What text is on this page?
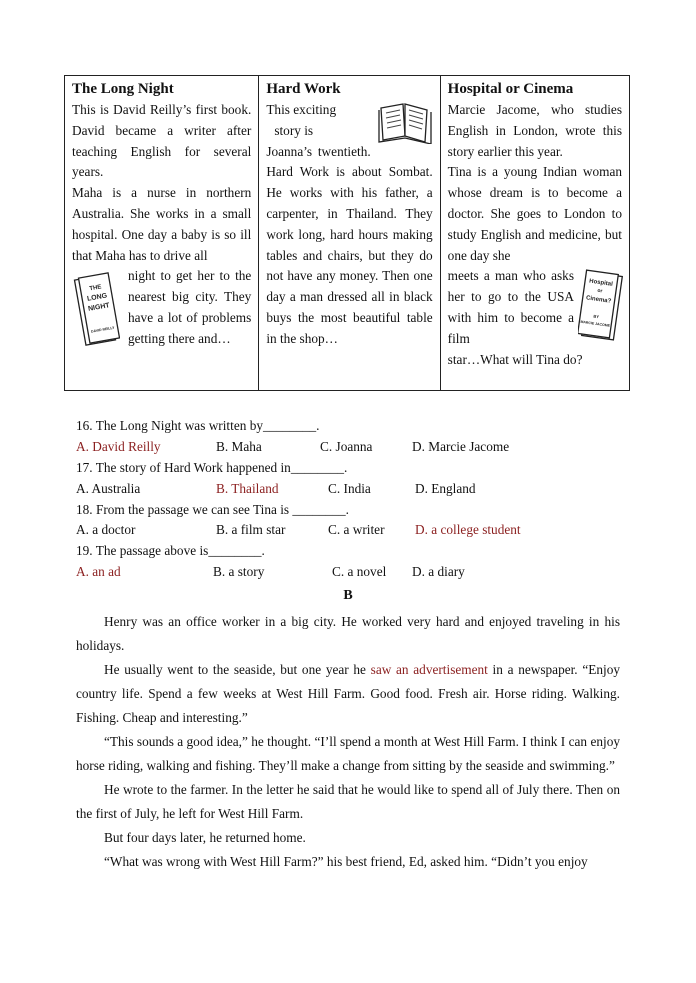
The Long Night

This is David Reilly’s first book. David became a writer after teaching English for several years.

Maha is a nurse in northern Australia. She works in a small hospital. One day a baby is so ill that Maha has to drive all

THE
LONG
NIGHT
DAVID REILLY

night to get her to the nearest big city. They have a lot of problems getting there and…

Hard Work

This exciting

story is

Joanna’s twentieth. Hard Work is about Sombat. He works with his father, a carpenter, in Thailand. They work long, hard hours making tables and chairs, but they do not have any money. Then one day a man dressed all in black buys the most beautiful table in the shop…

Hospital or Cinema

Marcie Jacome, who studies English in London, wrote this story earlier this year.

Tina is a young Indian woman whose dream is to become a doctor. She goes to London to study English and medicine, but one day she

Hospital
or
Cinema?
BY
MARCIE JACOME

meets a man who asks her to go to the USA with him to become a film

star…What will Tina do?

16. The Long Night was written by________.
A. David Reilly	B. Maha	C. Joanna	D. Marcie Jacome
17. The story of Hard Work happened in________.
A. Australia	B. Thailand	C. India	D. England
18. From the passage we can see Tina is ________.
A. a doctor	B. a film star	C. a writer D. a college student
19. The passage above is________.
A. an ad	B. a story	C. a novel D. a diary
B

Henry was an office worker in a big city. He worked very hard and enjoyed traveling in his holidays.

He usually went to the seaside, but one year he saw an advertisement in a newspaper. “Enjoy country life. Spend a few weeks at West Hill Farm. Good food. Fresh air. Horse riding. Walking. Fishing. Cheap and interesting.”

“This sounds a good idea,” he thought. “I’ll spend a month at West Hill Farm. I think I can enjoy horse riding, walking and fishing. They’ll make a change from sitting by the seaside and swimming.”

He wrote to the farmer. In the letter he said that he would like to spend all of July there. Then on the first of July, he left for West Hill Farm.

But four days later, he returned home.

“What was wrong with West Hill Farm?” his best friend, Ed, asked him. “Didn’t you enjoy
